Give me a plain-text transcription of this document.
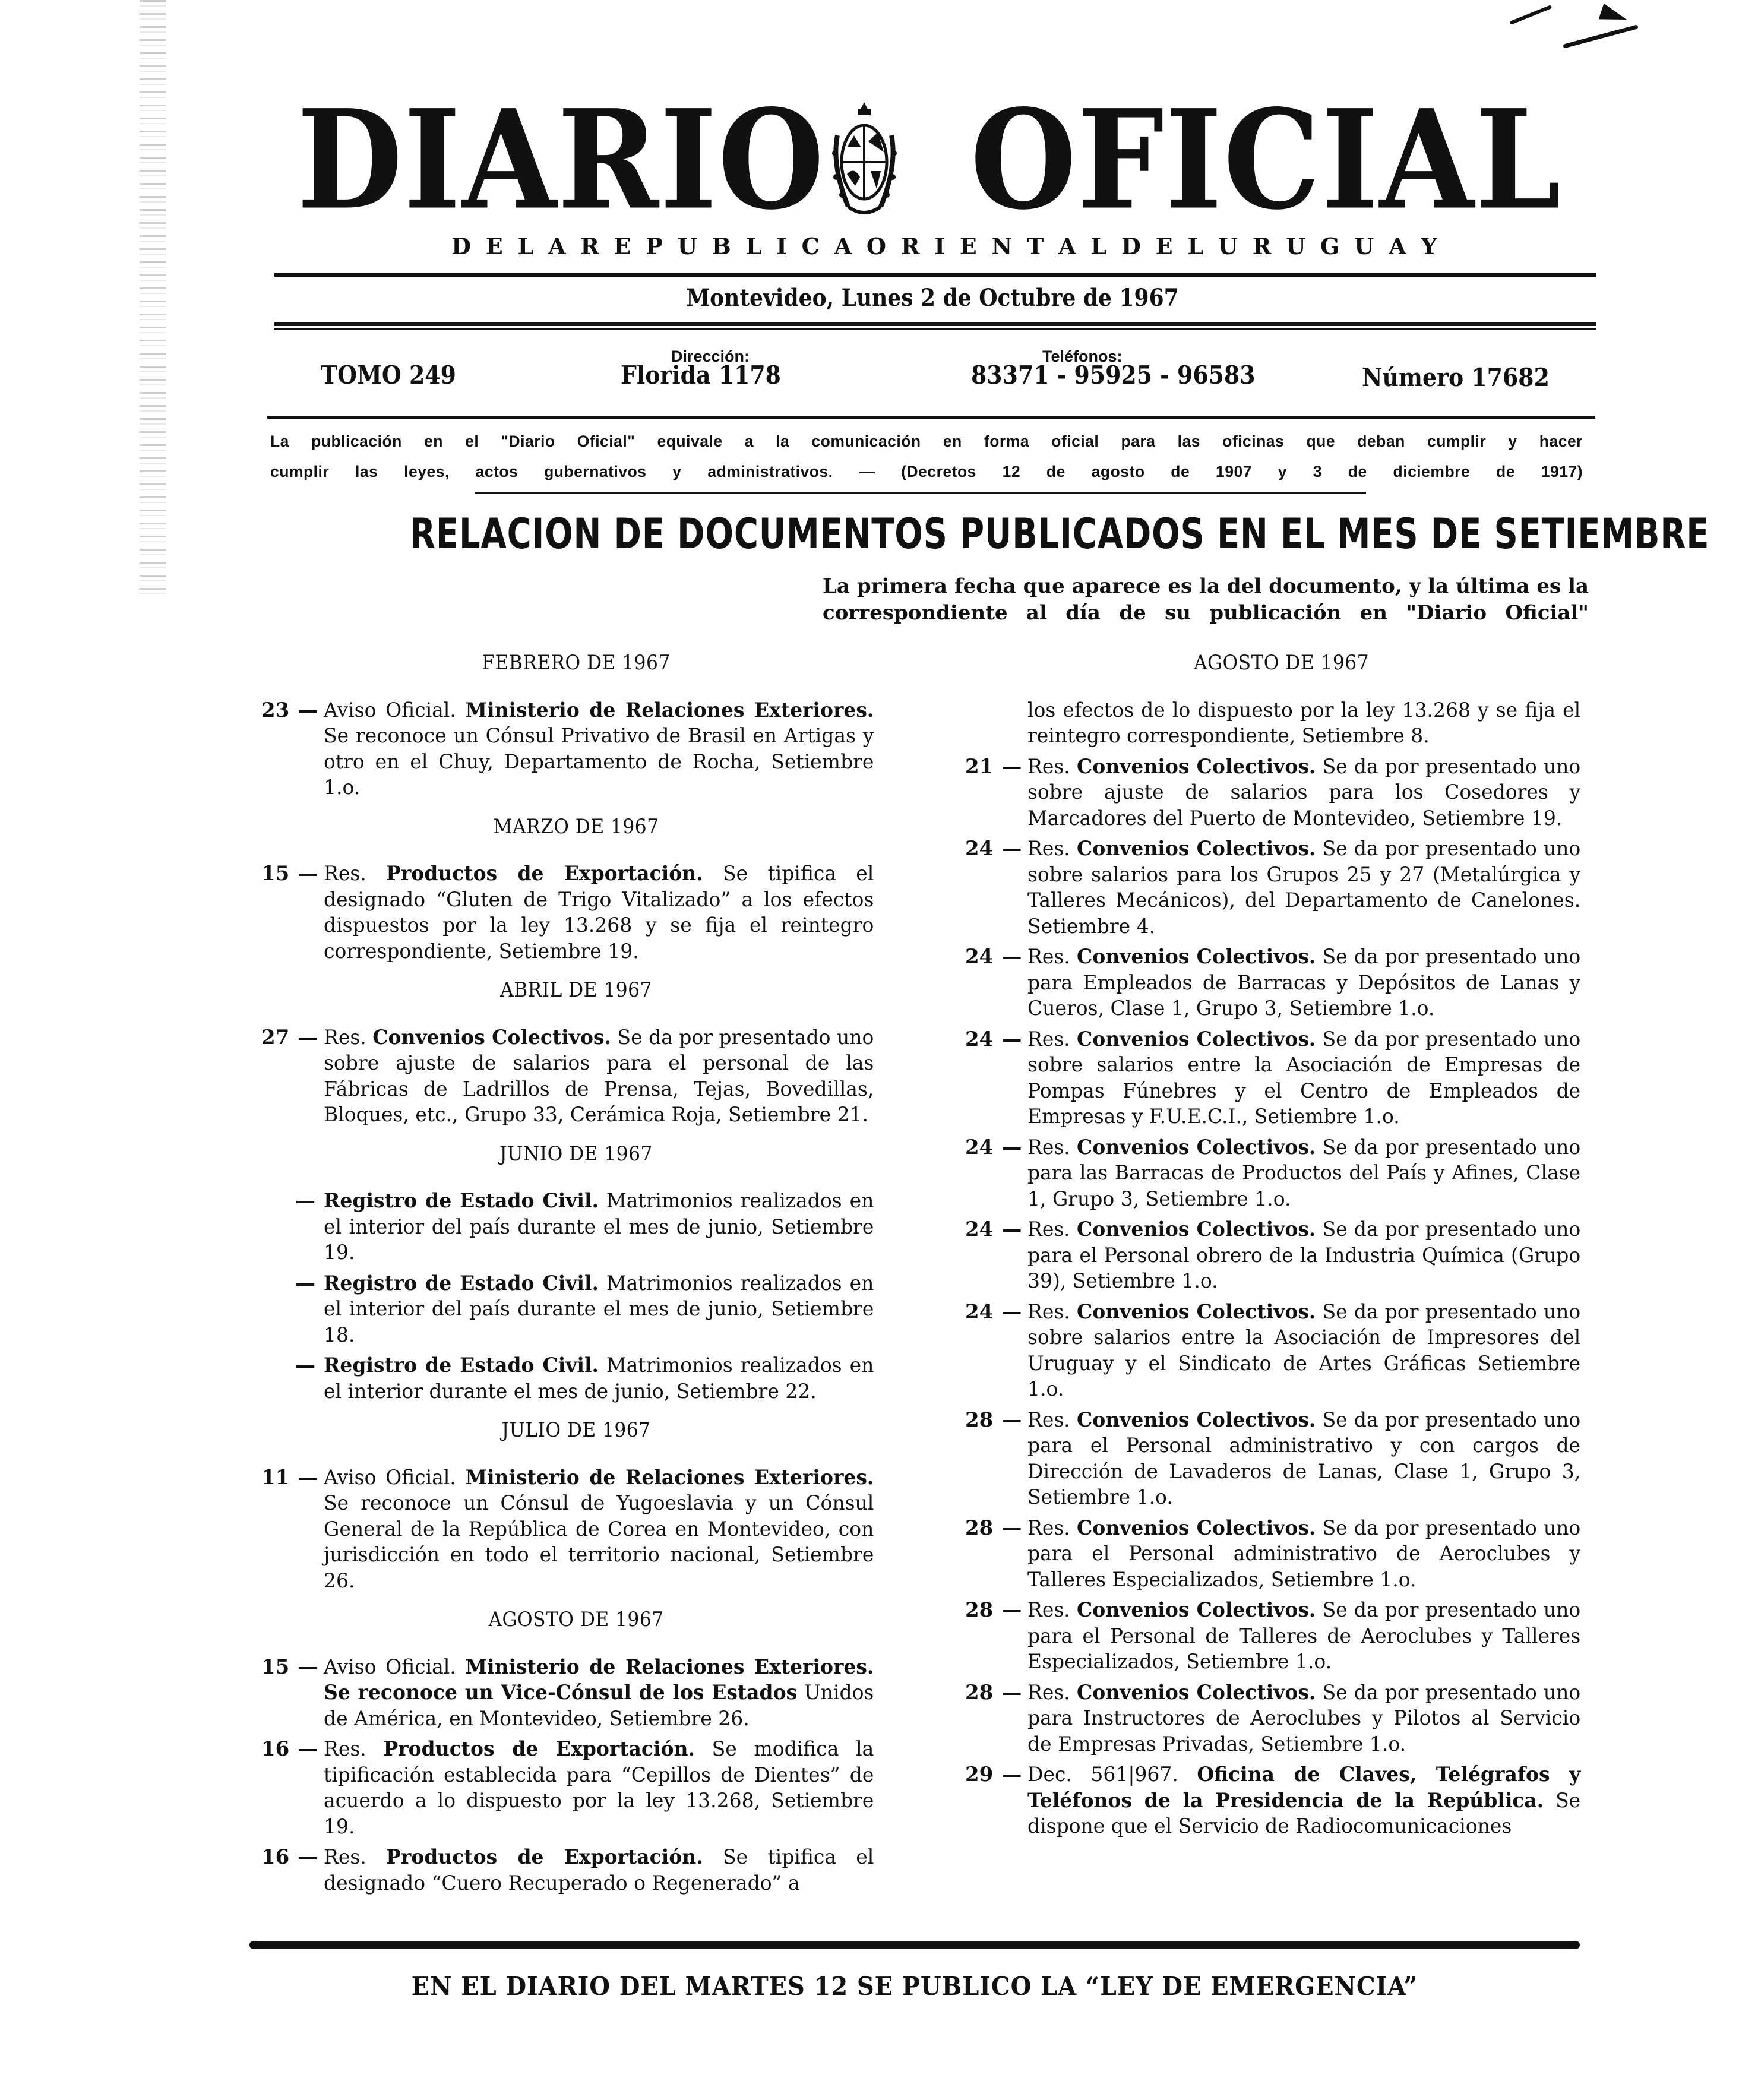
DIARIO OFICIAL
D E L A R E P U B L I C A O R I E N T A L D E L U R U G U A Y
Montevideo, Lunes 2 de Octubre de 1967
TOMO 249
Dirección:
Florida 1178
Teléfonos:
83371 - 95925 - 96583	Número 17682
La publicación en el "Diario Oficial" equivale a la comunicación en forma oficial para las oficinas que deban cumplir y hacer
cumplir las leyes, actos gubernativos y administrativos. — (Decretos 12 de agosto de 1907 y 3 de diciembre de 1917)
RELACION DE DOCUMENTOS PUBLICADOS EN EL MES DE SETIEMBRE
La primera fecha que aparece es la del documento, y la última es la correspondiente al día de su publicación en "Diario Oficial"
FEBRERO DE 1967
23 — Aviso Oficial. Ministerio de Relaciones Exteriores. Se reconoce un Cónsul Privativo de Brasil en Artigas y otro en el Chuy, Departamento de Rocha, Setiembre 1.o.
MARZO DE 1967
15 — Res. Productos de Exportación. Se tipifica el designado “Gluten de Trigo Vitalizado” a los efectos dispuestos por la ley 13.268 y se fija el reintegro correspondiente, Setiembre 19.
ABRIL DE 1967
27 — Res. Convenios Colectivos. Se da por presentado uno sobre ajuste de salarios para el personal de las Fábricas de Ladrillos de Prensa, Tejas, Bovedillas, Bloques, etc., Grupo 33, Cerámica Roja, Setiembre 21.
JUNIO DE 1967
— Registro de Estado Civil. Matrimonios realizados en el interior del país durante el mes de junio, Setiembre 19.
— Registro de Estado Civil. Matrimonios realizados en el interior del país durante el mes de junio, Setiembre 18.
— Registro de Estado Civil. Matrimonios realizados en el interior durante el mes de junio, Setiembre 22.
JULIO DE 1967
11 — Aviso Oficial. Ministerio de Relaciones Exteriores. Se reconoce un Cónsul de Yugoeslavia y un Cónsul General de la República de Corea en Montevideo, con jurisdicción en todo el territorio nacional, Setiembre 26.
AGOSTO DE 1967
15 — Aviso Oficial. Ministerio de Relaciones Exteriores. Se reconoce un Vice-Cónsul de los Estados Unidos de América, en Montevideo, Setiembre 26.
16 — Res. Productos de Exportación. Se modifica la tipificación establecida para “Cepillos de Dientes” de acuerdo a lo dispuesto por la ley 13.268, Setiembre 19.
16 — Res. Productos de Exportación. Se tipifica el designado “Cuero Recuperado o Regenerado” a
AGOSTO DE 1967
los efectos de lo dispuesto por la ley 13.268 y se fija el reintegro correspondiente, Setiembre 8.
21 — Res. Convenios Colectivos. Se da por presentado uno sobre ajuste de salarios para los Cosedores y Marcadores del Puerto de Montevideo, Setiembre 19.
24 — Res. Convenios Colectivos. Se da por presentado uno sobre salarios para los Grupos 25 y 27 (Metalúrgica y Talleres Mecánicos), del Departamento de Canelones. Setiembre 4.
24 — Res. Convenios Colectivos. Se da por presentado uno para Empleados de Barracas y Depósitos de Lanas y Cueros, Clase 1, Grupo 3, Setiembre 1.o.
24 — Res. Convenios Colectivos. Se da por presentado uno sobre salarios entre la Asociación de Empresas de Pompas Fúnebres y el Centro de Empleados de Empresas y F.U.E.C.I., Setiembre 1.o.
24 — Res. Convenios Colectivos. Se da por presentado uno para las Barracas de Productos del País y Afines, Clase 1, Grupo 3, Setiembre 1.o.
24 — Res. Convenios Colectivos. Se da por presentado uno para el Personal obrero de la Industria Química (Grupo 39), Setiembre 1.o.
24 — Res. Convenios Colectivos. Se da por presentado uno sobre salarios entre la Asociación de Impresores del Uruguay y el Sindicato de Artes Gráficas Setiembre 1.o.
28 — Res. Convenios Colectivos. Se da por presentado uno para el Personal administrativo y con cargos de Dirección de Lavaderos de Lanas, Clase 1, Grupo 3, Setiembre 1.o.
28 — Res. Convenios Colectivos. Se da por presentado uno para el Personal administrativo de Aeroclubes y Talleres Especializados, Setiembre 1.o.
28 — Res. Convenios Colectivos. Se da por presentado uno para el Personal de Talleres de Aeroclubes y Talleres Especializados, Setiembre 1.o.
28 — Res. Convenios Colectivos. Se da por presentado uno para Instructores de Aeroclubes y Pilotos al Servicio de Empresas Privadas, Setiembre 1.o.
29 — Dec. 561|967. Oficina de Claves, Telégrafos y Teléfonos de la Presidencia de la República. Se dispone que el Servicio de Radiocomunicaciones
EN EL DIARIO DEL MARTES 12 SE PUBLICO LA “LEY DE EMERGENCIA”
